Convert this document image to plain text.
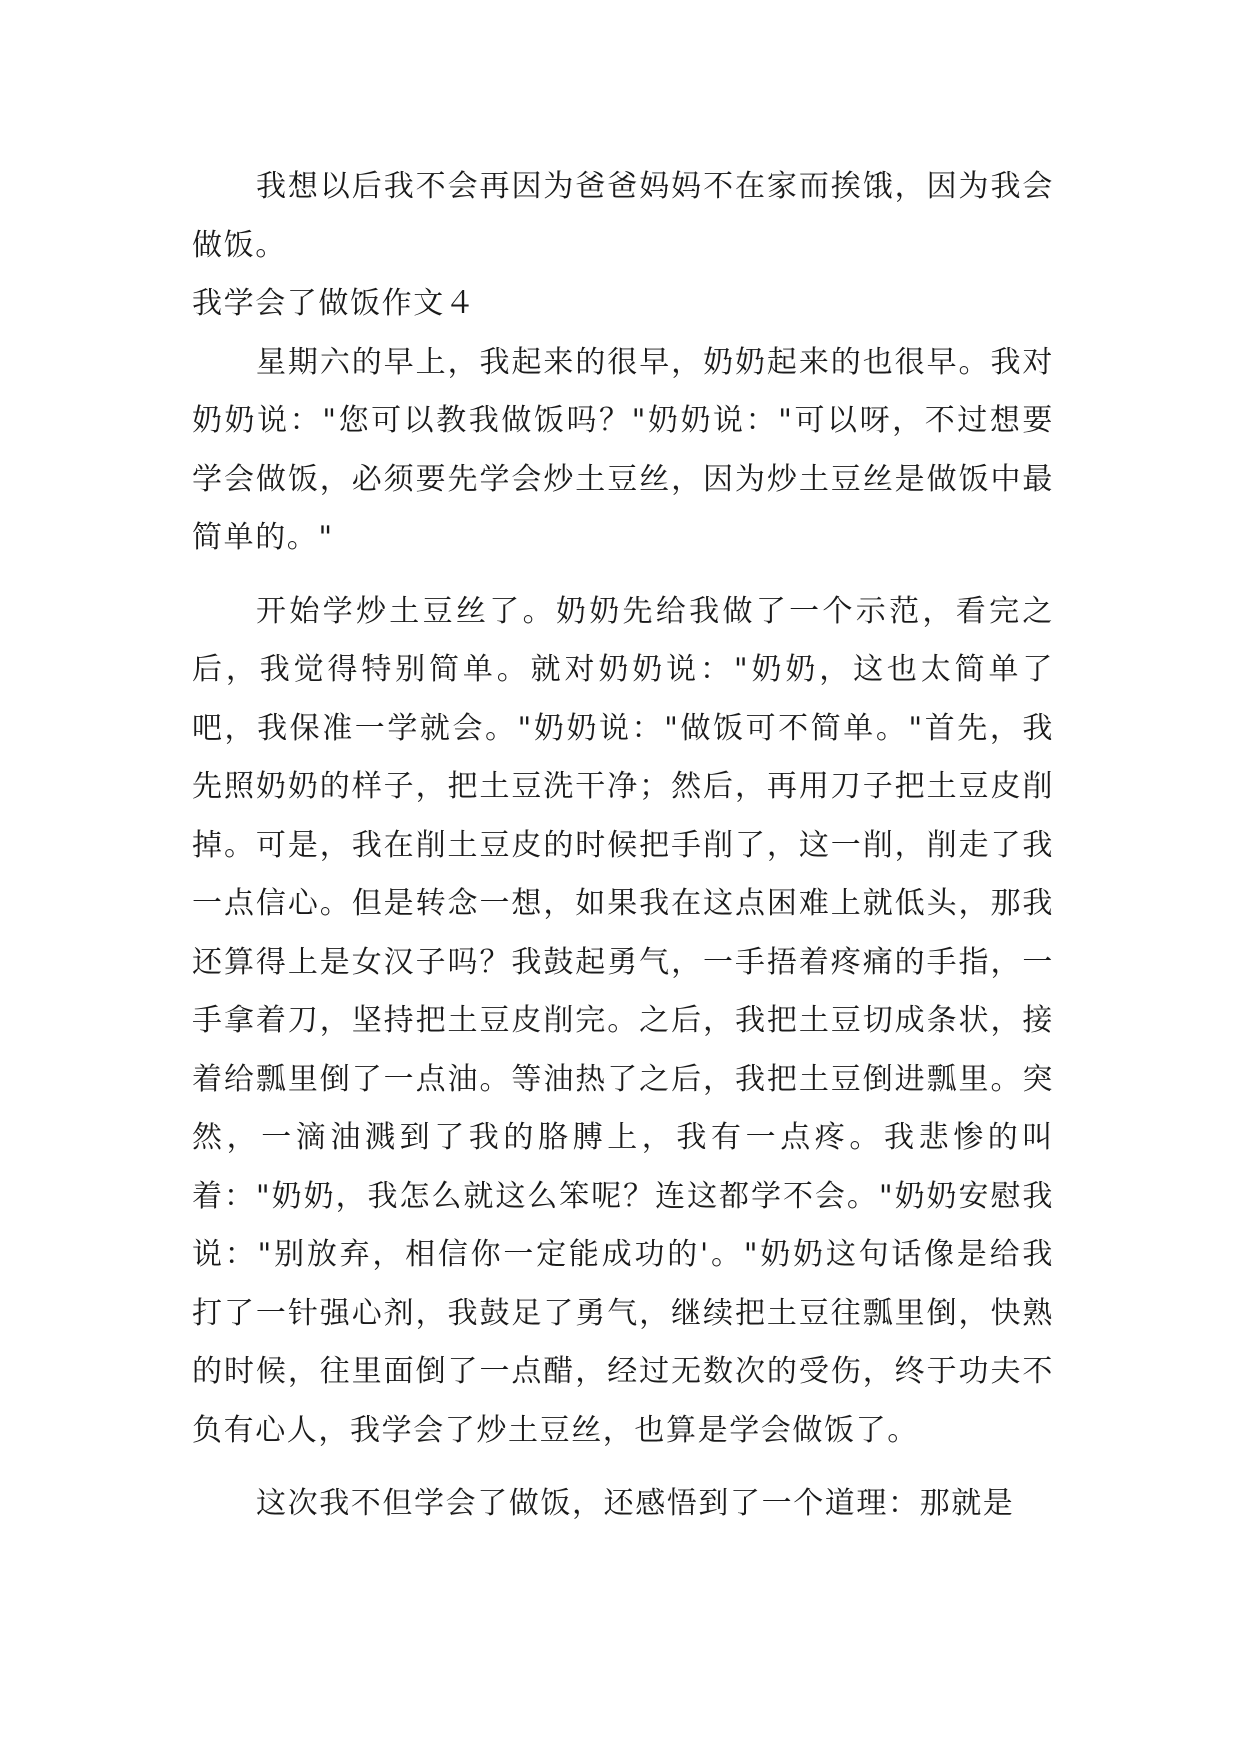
我想以后我不会再因为爸爸妈妈不在家而挨饿，因为我会做饭。

我学会了做饭作文４

星期六的早上，我起来的很早，奶奶起来的也很早。我对奶奶说："您可以教我做饭吗？"奶奶说："可以呀，不过想要学会做饭，必须要先学会炒土豆丝，因为炒土豆丝是做饭中最简单的。"

开始学炒土豆丝了。奶奶先给我做了一个示范，看完之后，我觉得特别简单。就对奶奶说："奶奶，这也太简单了吧，我保准一学就会。"奶奶说："做饭可不简单。"首先，我先照奶奶的样子，把土豆洗干净；然后，再用刀子把土豆皮削掉。可是，我在削土豆皮的时候把手削了，这一削，削走了我一点信心。但是转念一想，如果我在这点困难上就低头，那我还算得上是女汉子吗？我鼓起勇气，一手捂着疼痛的手指，一手拿着刀，坚持把土豆皮削完。之后，我把土豆切成条状，接着给瓢里倒了一点油。等油热了之后，我把土豆倒进瓢里。突然，一滴油溅到了我的胳膊上，我有一点疼。我悲惨的叫着："奶奶，我怎么就这么笨呢？连这都学不会。"奶奶安慰我说："别放弃，相信你一定能成功的'。"奶奶这句话像是给我打了一针强心剂，我鼓足了勇气，继续把土豆往瓢里倒，快熟的时候，往里面倒了一点醋，经过无数次的受伤，终于功夫不负有心人，我学会了炒土豆丝，也算是学会做饭了。

这次我不但学会了做饭，还感悟到了一个道理：那就是
